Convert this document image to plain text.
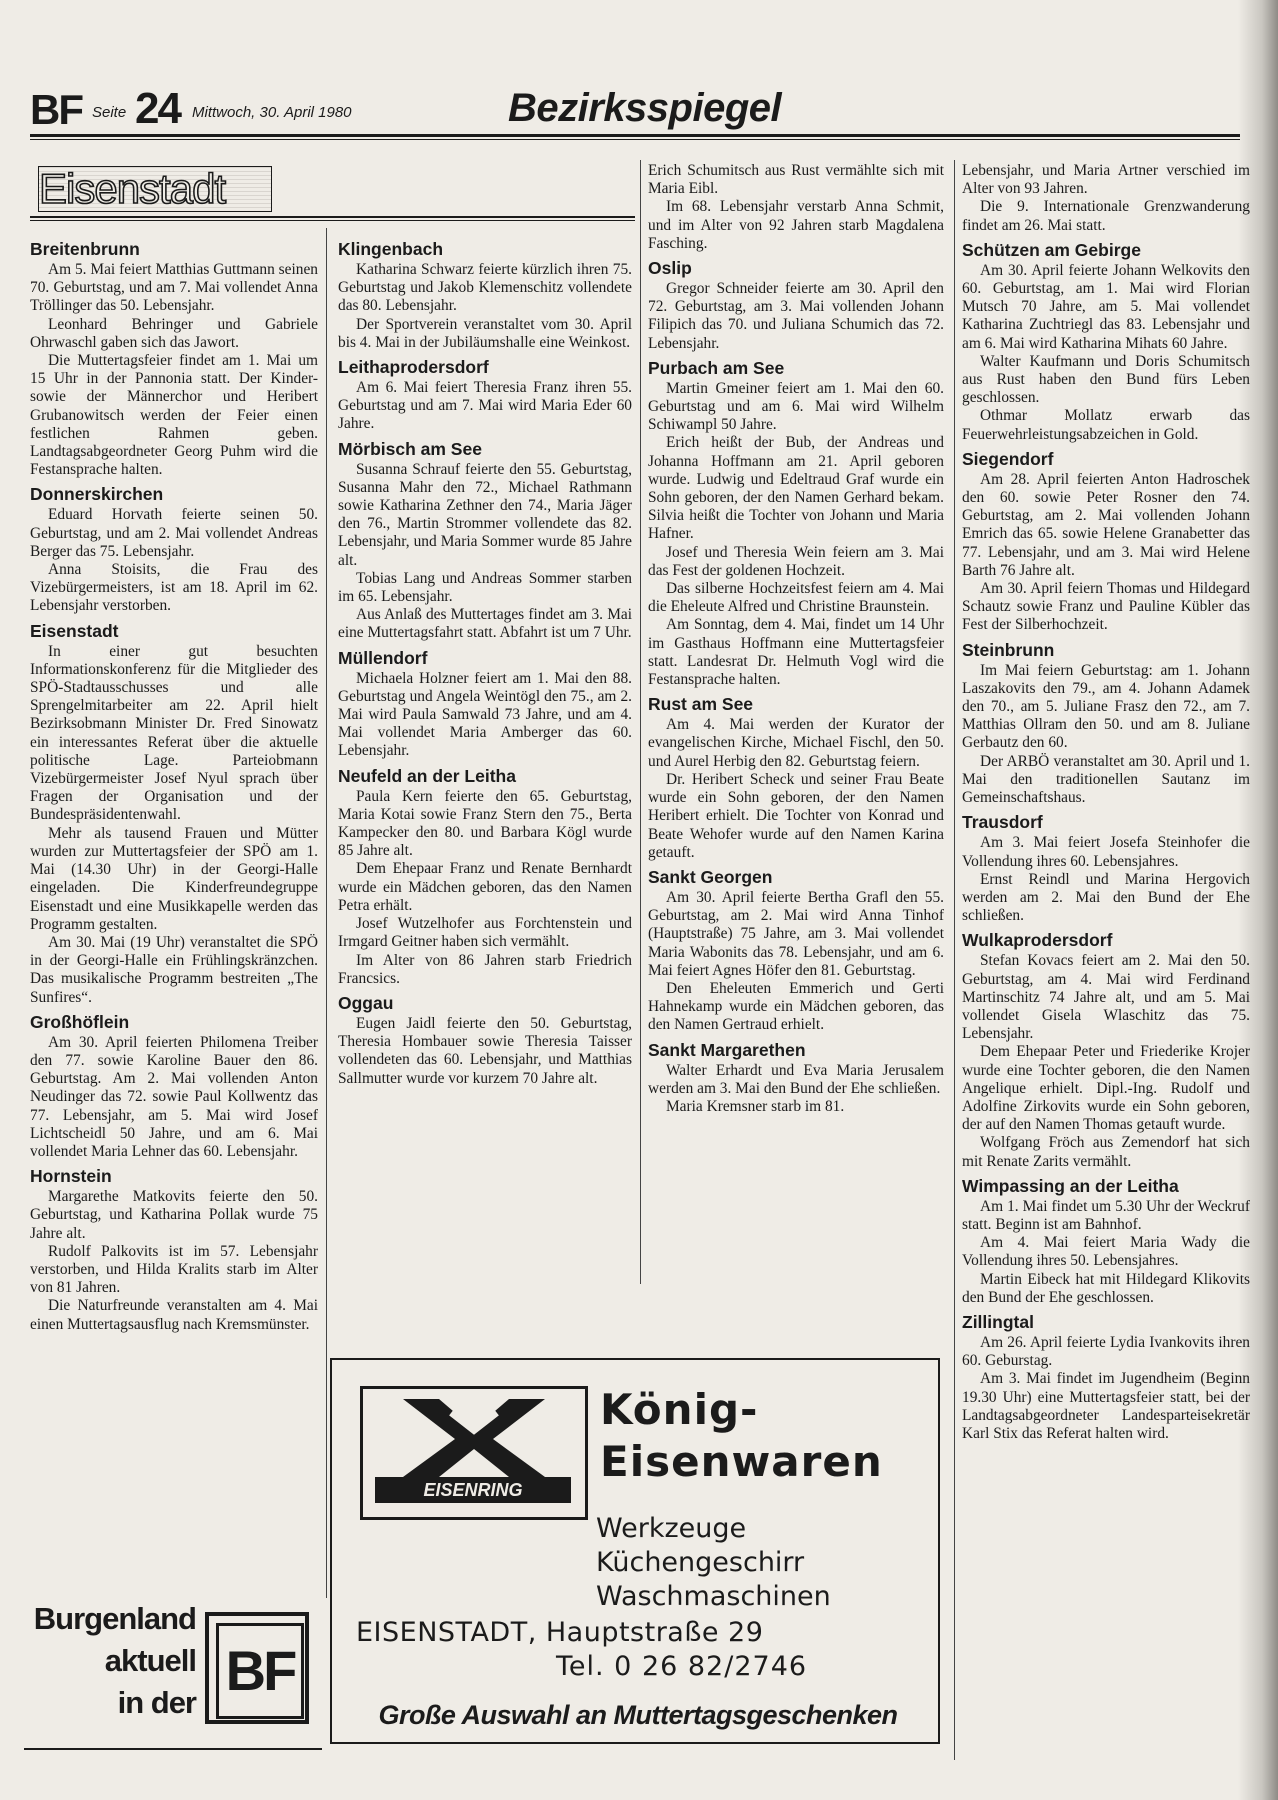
BF Seite 24 Mittwoch, 30. April 1980	Bezirksspiegel
Eisenstadt
Breitenbrunn

Am 5. Mai feiert Matthias Guttmann seinen 70. Geburtstag, und am 7. Mai vollendet Anna Tröllinger das 50. Lebensjahr.

Leonhard Behringer und Gabriele Ohrwaschl gaben sich das Jawort.

Die Muttertagsfeier findet am 1. Mai um 15 Uhr in der Pannonia statt. Der Kinder- sowie der Männerchor und Heribert Grubanowitsch werden der Feier einen festlichen Rahmen geben. Landtagsabgeordneter Georg Puhm wird die Festansprache halten.

Donnerskirchen

Eduard Horvath feierte seinen 50. Geburtstag, und am 2. Mai vollendet Andreas Berger das 75. Lebensjahr.

Anna Stoisits, die Frau des Vizebürgermeisters, ist am 18. April im 62. Lebensjahr verstorben.

Eisenstadt

In einer gut besuchten Informationskonferenz für die Mitglieder des SPÖ-Stadtausschusses und alle Sprengelmitarbeiter am 22. April hielt Bezirksobmann Minister Dr. Fred Sinowatz ein interessantes Referat über die aktuelle politische Lage. Parteiobmann Vizebürgermeister Josef Nyul sprach über Fragen der Organisation und der Bundespräsidentenwahl.

Mehr als tausend Frauen und Mütter wurden zur Muttertagsfeier der SPÖ am 1. Mai (14.30 Uhr) in der Georgi-Halle eingeladen. Die Kinderfreundegruppe Eisenstadt und eine Musikkapelle werden das Programm gestalten.

Am 30. Mai (19 Uhr) veranstaltet die SPÖ in der Georgi-Halle ein Frühlingskränzchen. Das musikalische Programm bestreiten „The Sunfires“.

Großhöflein

Am 30. April feierten Philomena Treiber den 77. sowie Karoline Bauer den 86. Geburtstag. Am 2. Mai vollenden Anton Neudinger das 72. sowie Paul Kollwentz das 77. Lebensjahr, am 5. Mai wird Josef Lichtscheidl 50 Jahre, und am 6. Mai vollendet Maria Lehner das 60. Lebensjahr.

Hornstein

Margarethe Matkovits feierte den 50. Geburtstag, und Katharina Pollak wurde 75 Jahre alt.

Rudolf Palkovits ist im 57. Lebensjahr verstorben, und Hilda Kralits starb im Alter von 81 Jahren.

Die Naturfreunde veranstalten am 4. Mai einen Muttertagsausflug nach Kremsmünster.

Klingenbach

Katharina Schwarz feierte kürzlich ihren 75. Geburtstag und Jakob Klemenschitz vollendete das 80. Lebensjahr.

Der Sportverein veranstaltet vom 30. April bis 4. Mai in der Jubiläumshalle eine Weinkost.

Leithaprodersdorf

Am 6. Mai feiert Theresia Franz ihren 55. Geburtstag und am 7. Mai wird Maria Eder 60 Jahre.

Mörbisch am See

Susanna Schrauf feierte den 55. Geburtstag, Susanna Mahr den 72., Michael Rathmann sowie Katharina Zethner den 74., Maria Jäger den 76., Martin Strommer vollendete das 82. Lebensjahr, und Maria Sommer wurde 85 Jahre alt.

Tobias Lang und Andreas Sommer starben im 65. Lebensjahr.

Aus Anlaß des Muttertages findet am 3. Mai eine Muttertagsfahrt statt. Abfahrt ist um 7 Uhr.

Müllendorf

Michaela Holzner feiert am 1. Mai den 88. Geburtstag und Angela Weintögl den 75., am 2. Mai wird Paula Samwald 73 Jahre, und am 4. Mai vollendet Maria Amberger das 60. Lebensjahr.

Neufeld an der Leitha

Paula Kern feierte den 65. Geburtstag, Maria Kotai sowie Franz Stern den 75., Berta Kampecker den 80. und Barbara Kögl wurde 85 Jahre alt.

Dem Ehepaar Franz und Renate Bernhardt wurde ein Mädchen geboren, das den Namen Petra erhält.

Josef Wutzelhofer aus Forchtenstein und Irmgard Geitner haben sich vermählt.

Im Alter von 86 Jahren starb Friedrich Francsics.

Oggau

Eugen Jaidl feierte den 50. Geburtstag, Theresia Hombauer sowie Theresia Taisser vollendeten das 60. Lebensjahr, und Matthias Sallmutter wurde vor kurzem 70 Jahre alt.

Erich Schumitsch aus Rust vermählte sich mit Maria Eibl.

Im 68. Lebensjahr verstarb Anna Schmit, und im Alter von 92 Jahren starb Magdalena Fasching.

Oslip

Gregor Schneider feierte am 30. April den 72. Geburtstag, am 3. Mai vollenden Johann Filipich das 70. und Juliana Schumich das 72. Lebensjahr.

Purbach am See

Martin Gmeiner feiert am 1. Mai den 60. Geburtstag und am 6. Mai wird Wilhelm Schiwampl 50 Jahre.

Erich heißt der Bub, der Andreas und Johanna Hoffmann am 21. April geboren wurde. Ludwig und Edeltraud Graf wurde ein Sohn geboren, der den Namen Gerhard bekam. Silvia heißt die Tochter von Johann und Maria Hafner.

Josef und Theresia Wein feiern am 3. Mai das Fest der goldenen Hochzeit.

Das silberne Hochzeitsfest feiern am 4. Mai die Eheleute Alfred und Christine Braunstein.

Am Sonntag, dem 4. Mai, findet um 14 Uhr im Gasthaus Hoffmann eine Muttertagsfeier statt. Landesrat Dr. Helmuth Vogl wird die Festansprache halten.

Rust am See

Am 4. Mai werden der Kurator der evangelischen Kirche, Michael Fischl, den 50. und Aurel Herbig den 82. Geburtstag feiern.

Dr. Heribert Scheck und seiner Frau Beate wurde ein Sohn geboren, der den Namen Heribert erhielt. Die Tochter von Konrad und Beate Wehofer wurde auf den Namen Karina getauft.

Sankt Georgen

Am 30. April feierte Bertha Grafl den 55. Geburtstag, am 2. Mai wird Anna Tinhof (Hauptstraße) 75 Jahre, am 3. Mai vollendet Maria Wabonits das 78. Lebensjahr, und am 6. Mai feiert Agnes Höfer den 81. Geburtstag.

Den Eheleuten Emmerich und Gerti Hahnekamp wurde ein Mädchen geboren, das den Namen Gertraud erhielt.

Sankt Margarethen

Walter Erhardt und Eva Maria Jerusalem werden am 3. Mai den Bund der Ehe schließen.

Maria Kremsner starb im 81.

Lebensjahr, und Maria Artner verschied im Alter von 93 Jahren.

Die 9. Internationale Grenzwanderung findet am 26. Mai statt.

Schützen am Gebirge

Am 30. April feierte Johann Welkovits den 60. Geburtstag, am 1. Mai wird Florian Mutsch 70 Jahre, am 5. Mai vollendet Katharina Zuchtriegl das 83. Lebensjahr und am 6. Mai wird Katharina Mihats 60 Jahre.

Walter Kaufmann und Doris Schumitsch aus Rust haben den Bund fürs Leben geschlossen.

Othmar Mollatz erwarb das Feuerwehrleistungsabzeichen in Gold.

Siegendorf

Am 28. April feierten Anton Hadroschek den 60. sowie Peter Rosner den 74. Geburtstag, am 2. Mai vollenden Johann Emrich das 65. sowie Helene Granabetter das 77. Lebensjahr, und am 3. Mai wird Helene Barth 76 Jahre alt.

Am 30. April feiern Thomas und Hildegard Schautz sowie Franz und Pauline Kübler das Fest der Silberhochzeit.

Steinbrunn

Im Mai feiern Geburtstag: am 1. Johann Laszakovits den 79., am 4. Johann Adamek den 70., am 5. Juliane Frasz den 72., am 7. Matthias Ollram den 50. und am 8. Juliane Gerbautz den 60.

Der ARBÖ veranstaltet am 30. April und 1. Mai den traditionellen Sautanz im Gemeinschaftshaus.

Trausdorf

Am 3. Mai feiert Josefa Steinhofer die Vollendung ihres 60. Lebensjahres.

Ernst Reindl und Marina Hergovich werden am 2. Mai den Bund der Ehe schließen.

Wulkaprodersdorf

Stefan Kovacs feiert am 2. Mai den 50. Geburtstag, am 4. Mai wird Ferdinand Martinschitz 74 Jahre alt, und am 5. Mai vollendet Gisela Wlaschitz das 75. Lebensjahr.

Dem Ehepaar Peter und Friederike Krojer wurde eine Tochter geboren, die den Namen Angelique erhielt. Dipl.-Ing. Rudolf und Adolfine Zirkovits wurde ein Sohn geboren, der auf den Namen Thomas getauft wurde.

Wolfgang Fröch aus Zemendorf hat sich mit Renate Zarits vermählt.

Wimpassing an der Leitha

Am 1. Mai findet um 5.30 Uhr der Weckruf statt. Beginn ist am Bahnhof.

Am 4. Mai feiert Maria Wady die Vollendung ihres 50. Lebensjahres.

Martin Eibeck hat mit Hildegard Klikovits den Bund der Ehe geschlossen.

Zillingtal

Am 26. April feierte Lydia Ivankovits ihren 60. Geburstag.

Am 3. Mai findet im Jugendheim (Beginn 19.30 Uhr) eine Muttertagsfeier statt, bei der Landtagsabgeordneter Landesparteisekretär Karl Stix das Referat halten wird.

Burgenland
aktuell
in der
BF
EISENRING
König-
Eisenwaren
Werkzeuge
Küchengeschirr
Waschmaschinen
EISENSTADT, Hauptstraße 29
Tel. 0 26 82/2746
Große Auswahl an Muttertagsgeschenken
